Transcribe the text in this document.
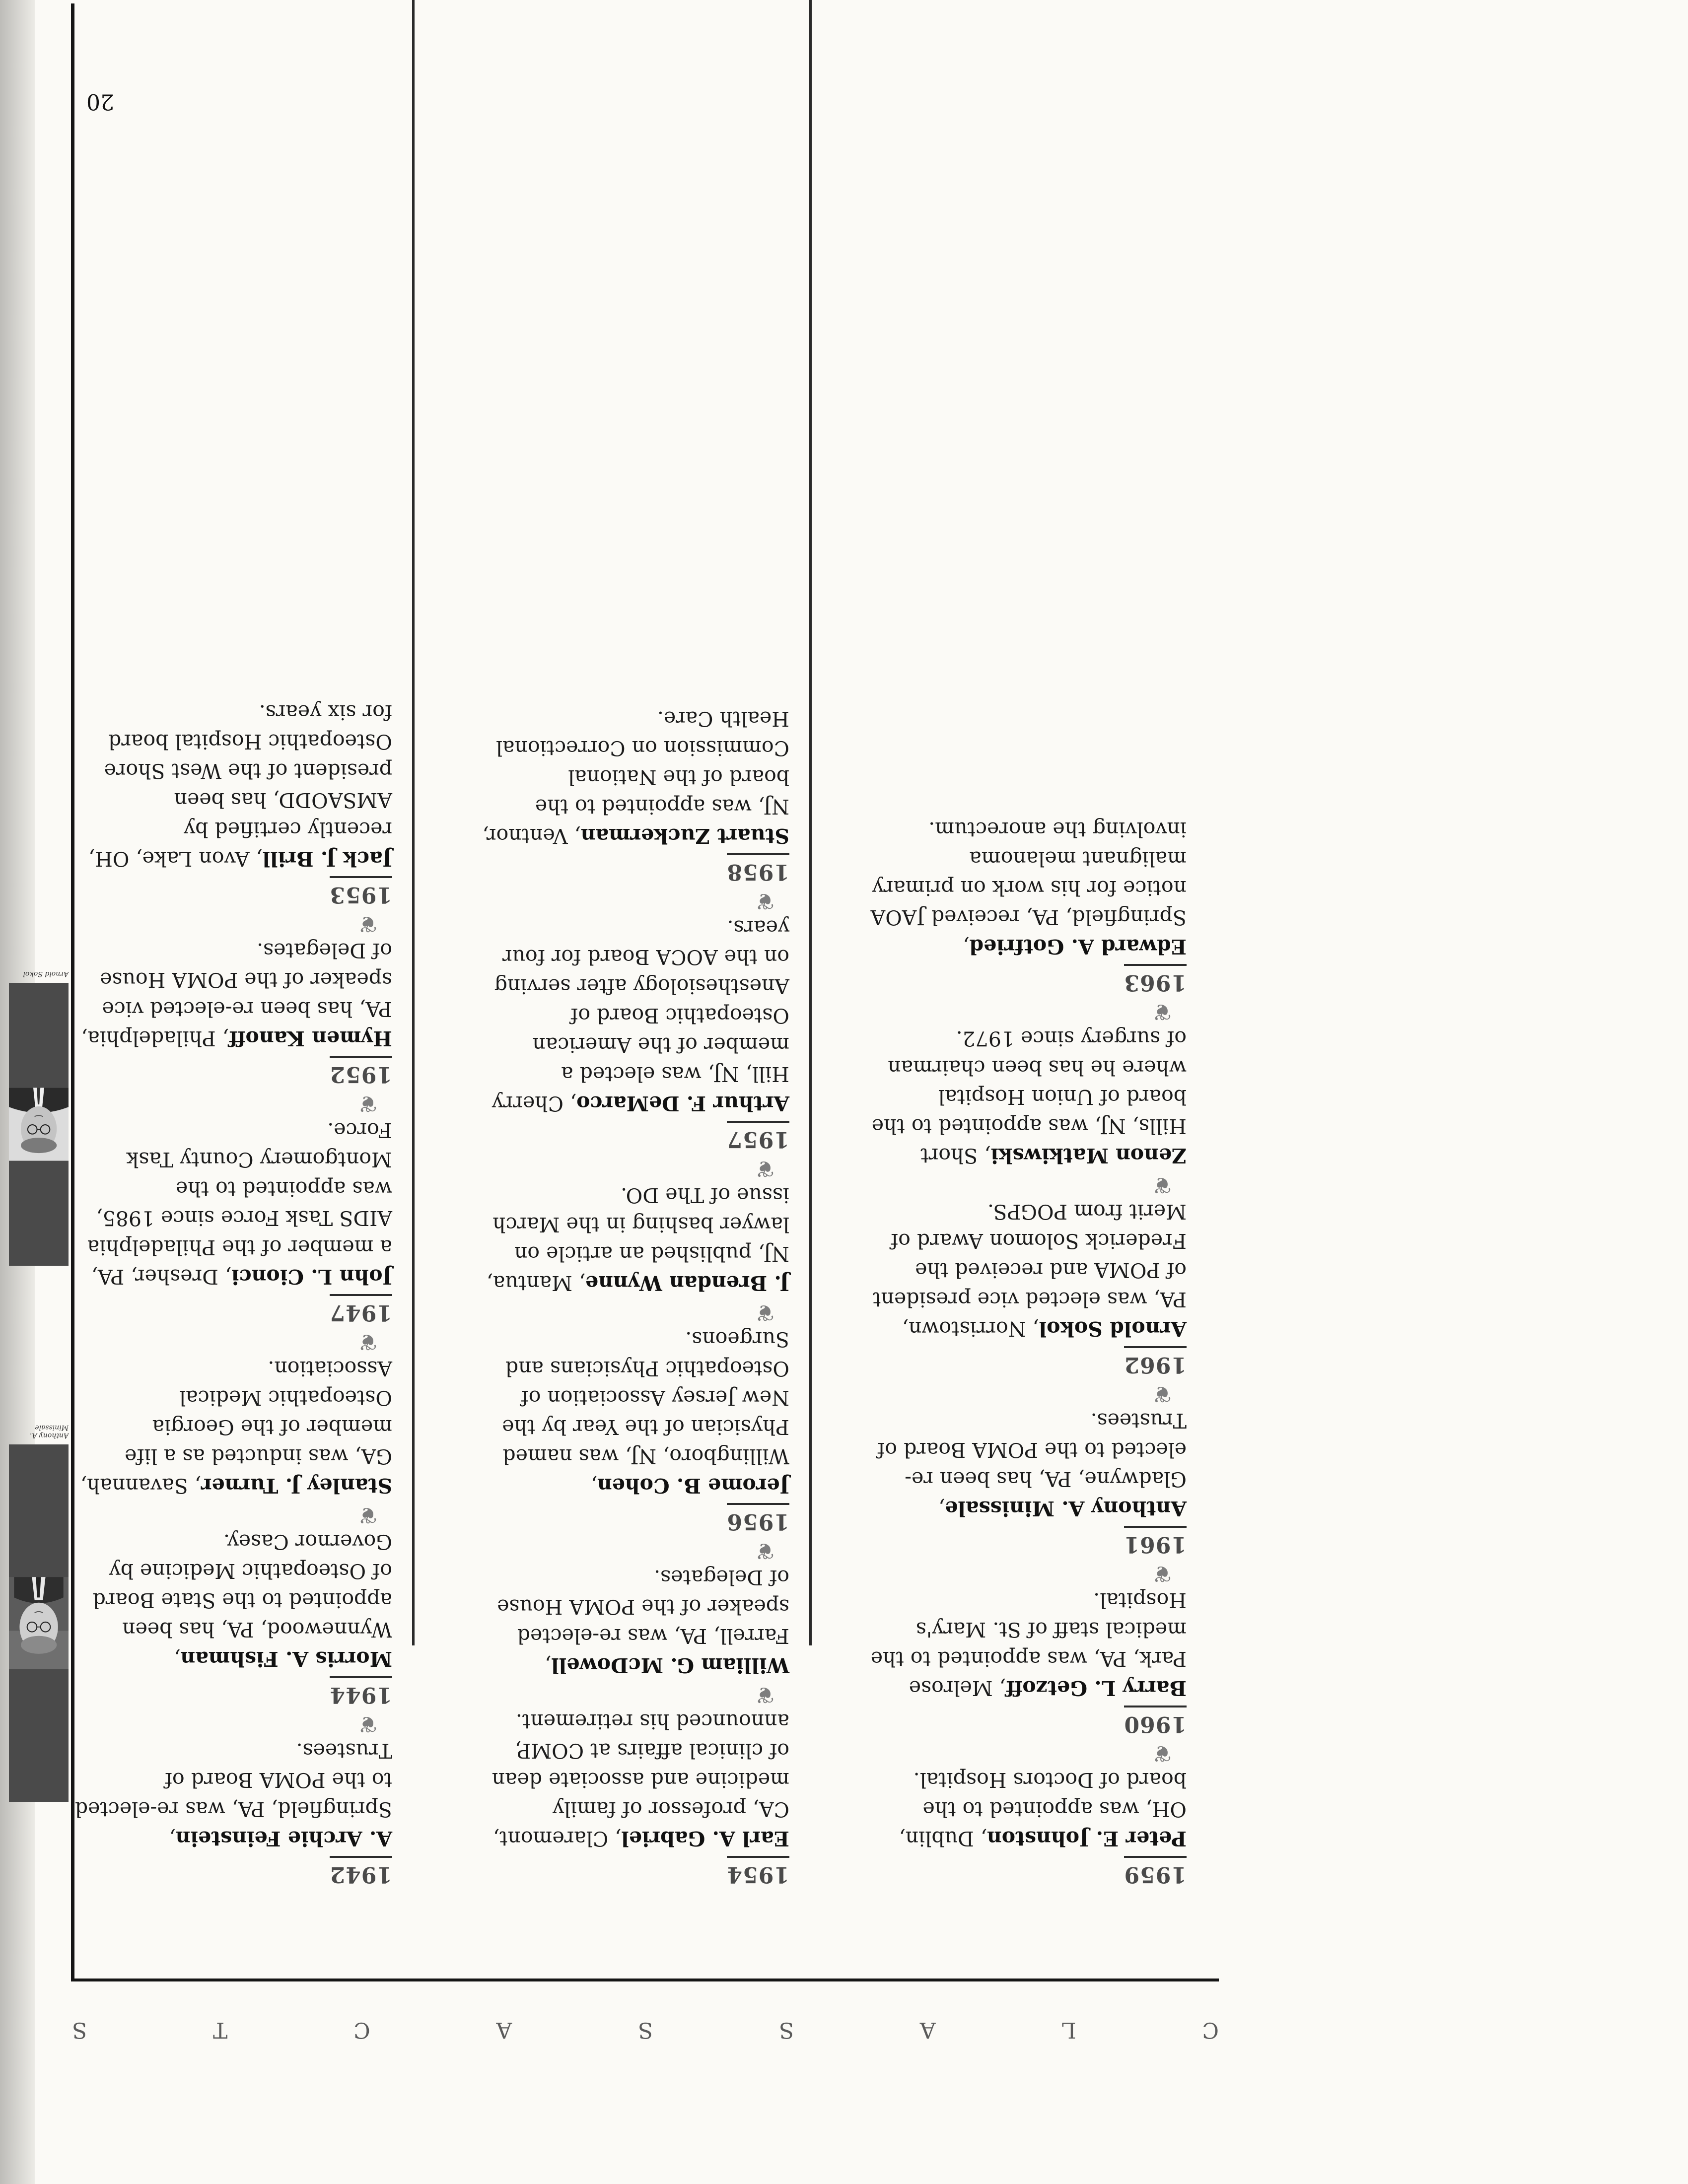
20
C
L
A
S
S
A
C
T
S
1959

Peter E. Johnston, Dublin, OH, was appointed to the board of Doctors Hospital.

❦
1960

Barry L. Getzoff, Melrose Park, PA, was appointed to the medical staff of St. Mary's Hospital.

❦
1961

Anthony A. Minissale, Gladwyne, PA, has been re-elected to the POMA Board of Trustees.

❦
1962

Arnold Sokol, Norristown, PA, was elected vice president of POMA and received the Frederick Solomon Award of Merit from POGPS.

❦

Zenon Matkiwski, Short Hills, NJ, was appointed to the board of Union Hospital where he has been chairman of surgery since 1972.

❦
1963

Edward A. Gotfried, Springfield, PA, received JAOA notice for his work on primary malignant melanoma involving the anorectum.

1954

Earl A. Gabriel, Claremont, CA, professor of family medicine and associate dean of clinical affairs at COMP, announced his retirement.

❦

William G. McDowell, Farrell, PA, was re-elected speaker of the POMA House of Delegates.

❦
1956

Jerome B. Cohen, Willingboro, NJ, was named Physician of the Year by the New Jersey Association of Osteopathic Physicians and Surgeons.

❦

J. Brendan Wynne, Mantua, NJ, published an article on lawyer bashing in the March issue of The DO.

❦
1957

Arthur F. DeMarco, Cherry Hill, NJ, was elected a member of the American Osteopathic Board of Anesthesiology after serving on the AOCA Board for four years.

❦
1958

Stuart Zuckerman, Ventnor, NJ, was appointed to the board of the National Commission on Correctional Health Care.

Anthony A. Minissale
Arnold Sokol
1942

A. Archie Feinstein, Springfield, PA, was re-elected to the POMA Board of Trustees.

❦
1944

Morris A. Fishman, Wynnewood, PA, has been appointed to the State Board of Osteopathic Medicine by Governor Casey.

❦

Stanley J. Turner, Savannah, GA, was inducted as a life member of the Georgia Osteopathic Medical Association.

❦
1947

John L. Cionci, Dresher, PA, a member of the Philadelphia AIDS Task Force since 1985, was appointed to the Montgomery County Task Force.

❦
1952

Hymen Kanoff, Philadelphia, PA, has been re-elected vice speaker of the POMA House of Delegates.

❦
1953

Jack J. Brill, Avon Lake, OH, recently certified by AMSAODD, has been president of the West Shore Osteopathic Hospital board for six years.
